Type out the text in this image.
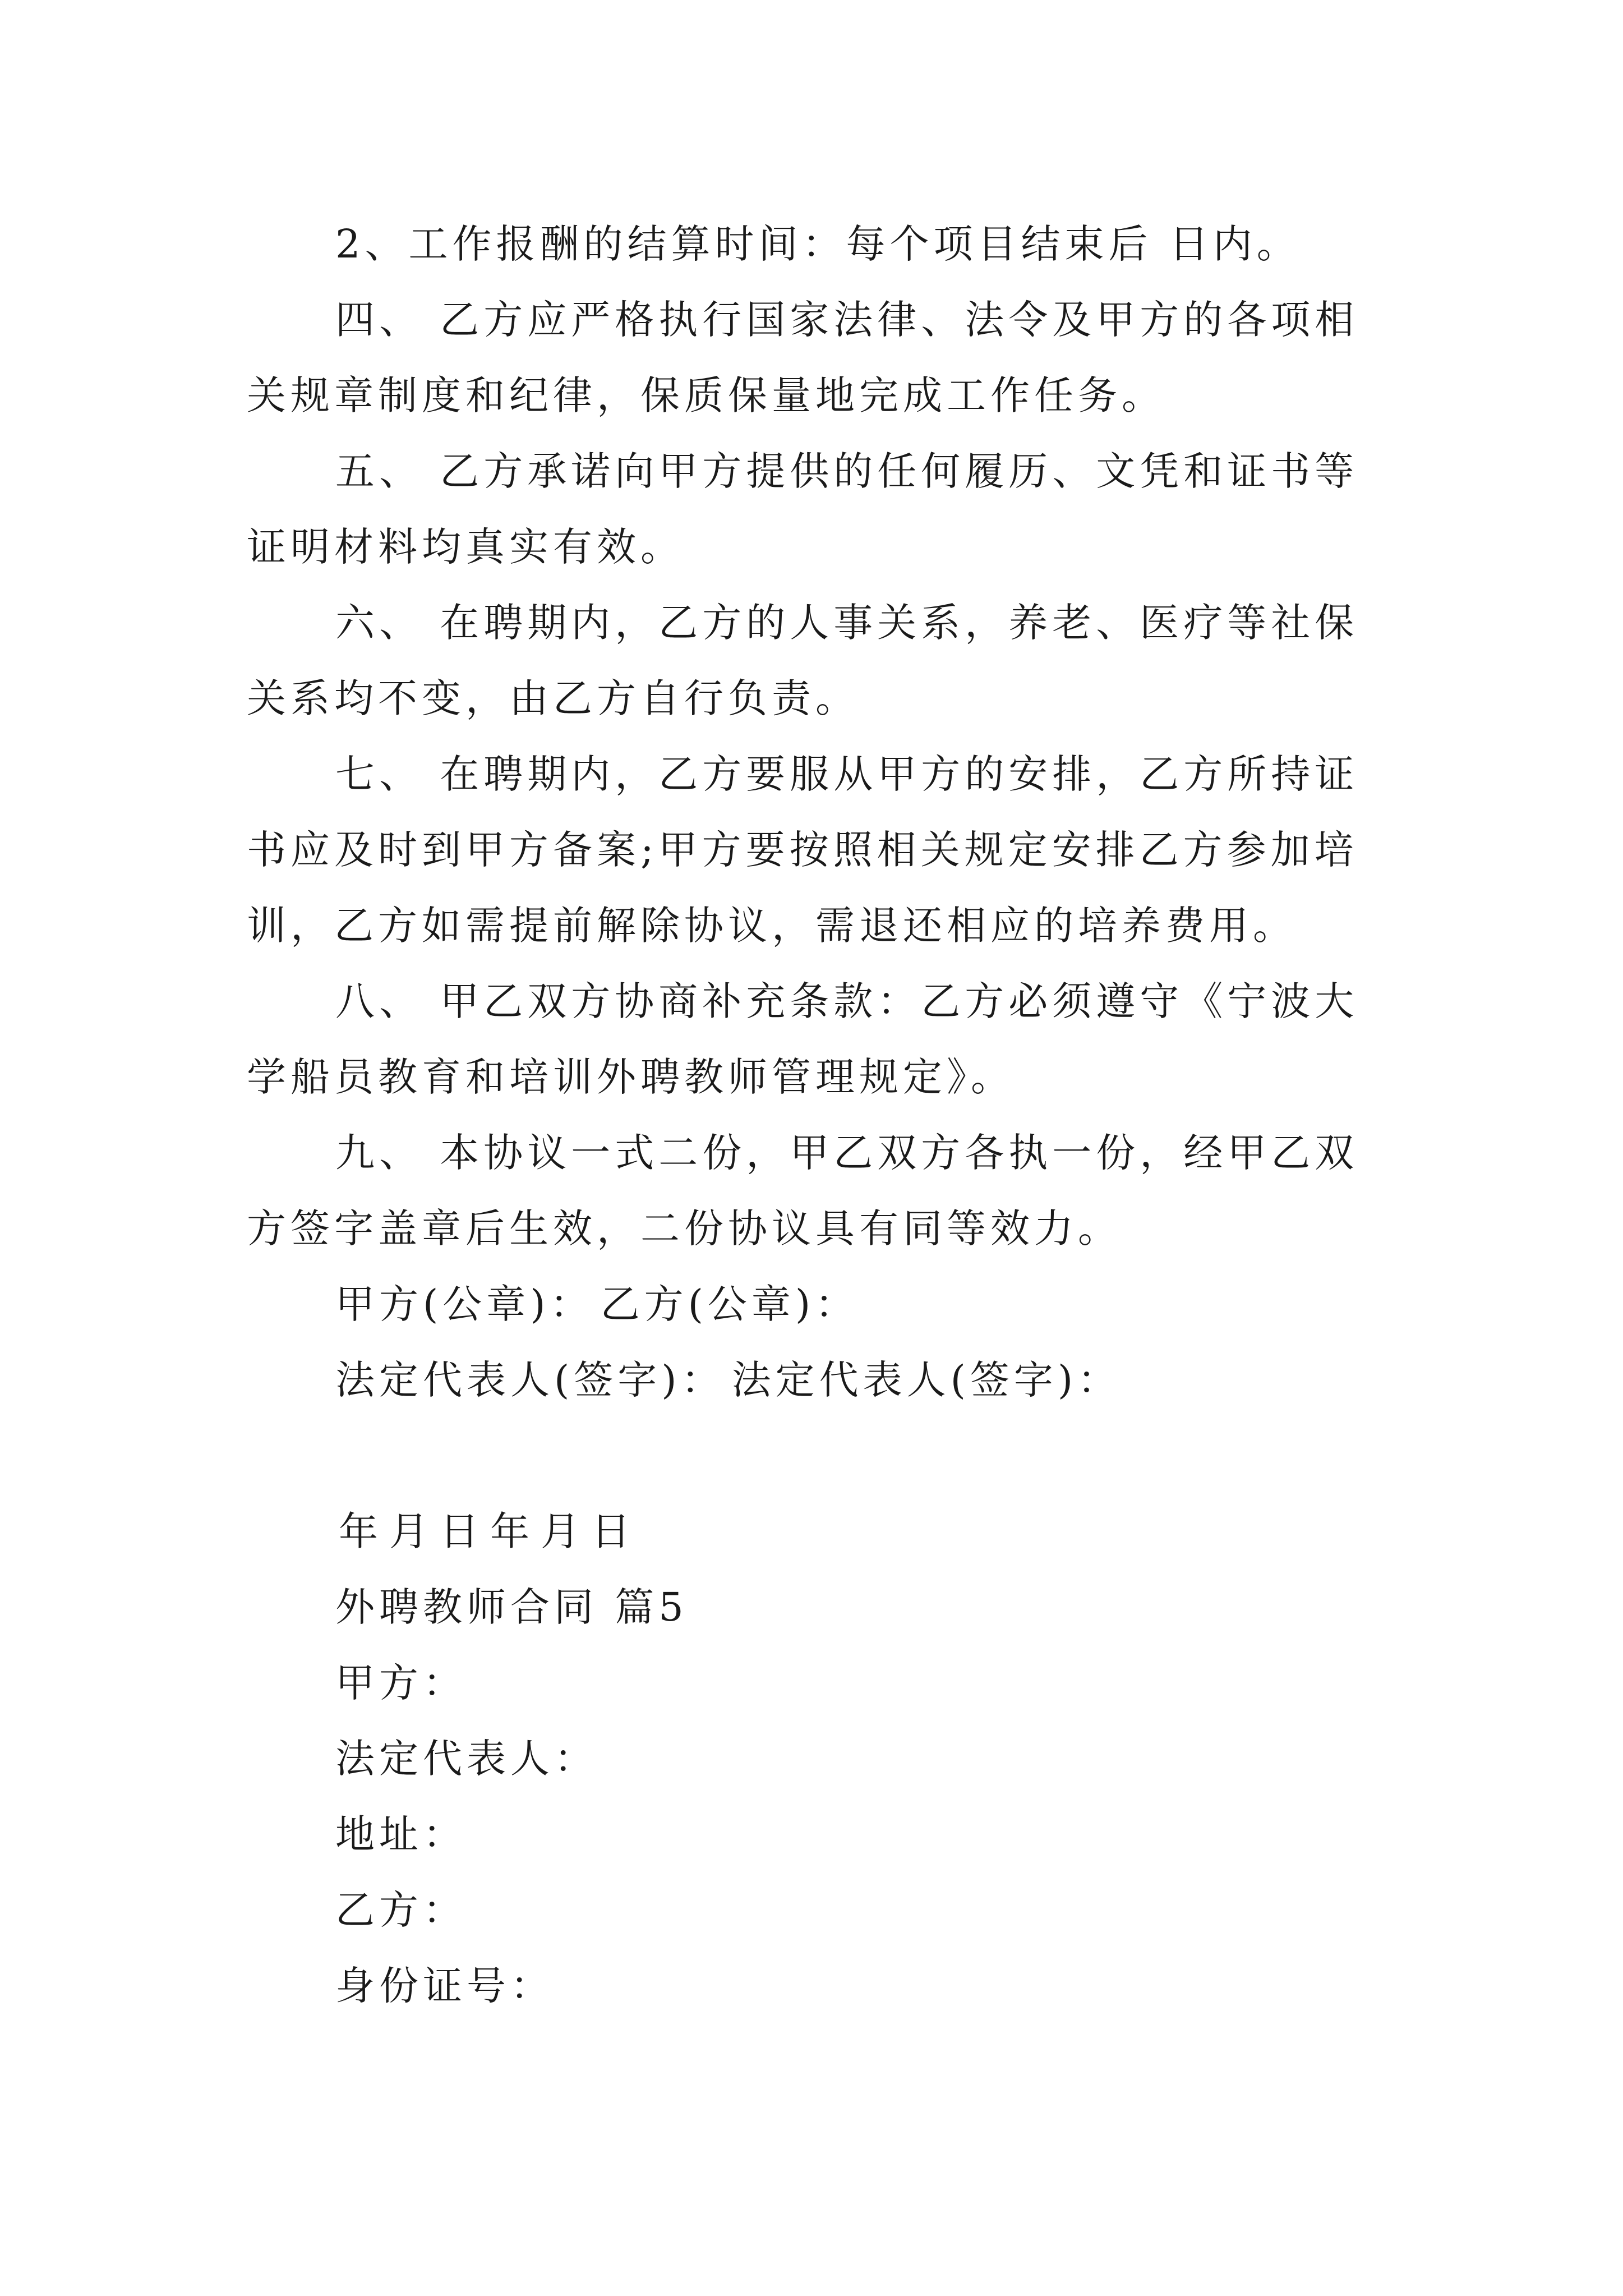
2、工作报酬的结算时间：每个项目结束后 日内。
四、 乙方应严格执行国家法律、法令及甲方的各项相
关规章制度和纪律，保质保量地完成工作任务。
五、 乙方承诺向甲方提供的任何履历、文凭和证书等
证明材料均真实有效。
六、 在聘期内，乙方的人事关系，养老、医疗等社保
关系均不变，由乙方自行负责。
七、 在聘期内，乙方要服从甲方的安排，乙方所持证
书应及时到甲方备案;甲方要按照相关规定安排乙方参加培
训，乙方如需提前解除协议，需退还相应的培养费用。
八、 甲乙双方协商补充条款：乙方必须遵守《宁波大
学船员教育和培训外聘教师管理规定》。
九、 本协议一式二份，甲乙双方各执一份，经甲乙双
方签字盖章后生效，二份协议具有同等效力。
甲方(公章)： 乙方(公章)：
法定代表人(签字)： 法定代表人(签字)：
年 月 日 年 月 日
外聘教师合同 篇5
甲方：
法定代表人：
地址：
乙方：
身份证号：
